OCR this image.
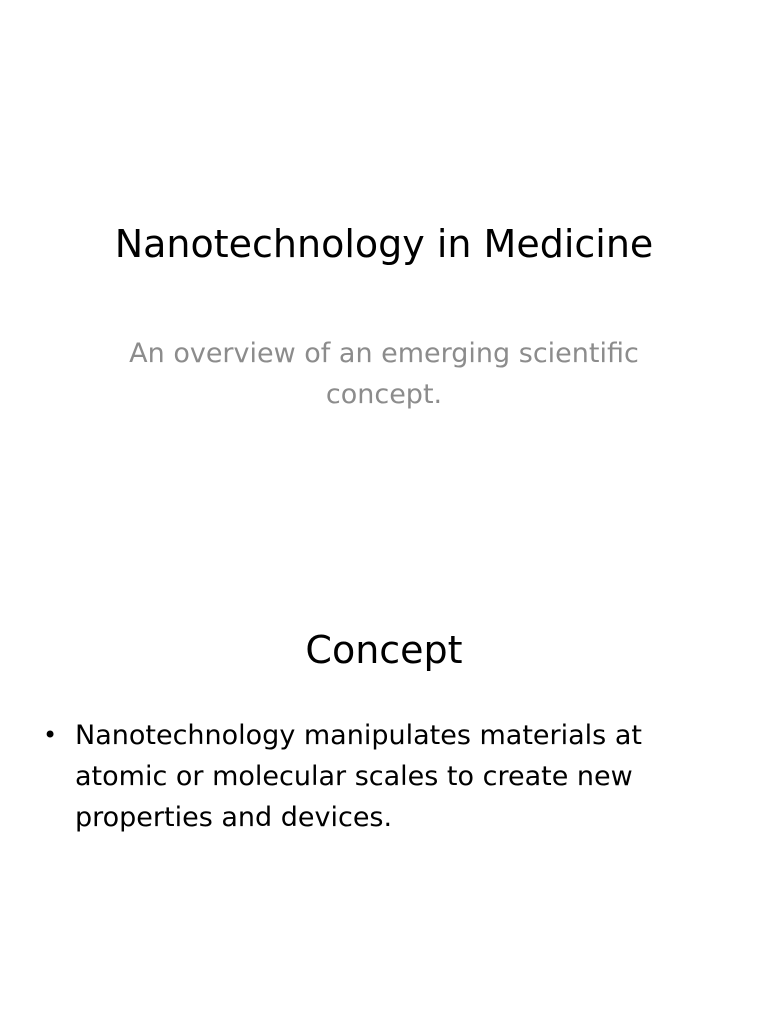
Nanotechnology in Medicine

An overview of an emerging scientific concept.

Concept
• Nanotechnology manipulates materials at atomic or molecular scales to create new properties and devices.
